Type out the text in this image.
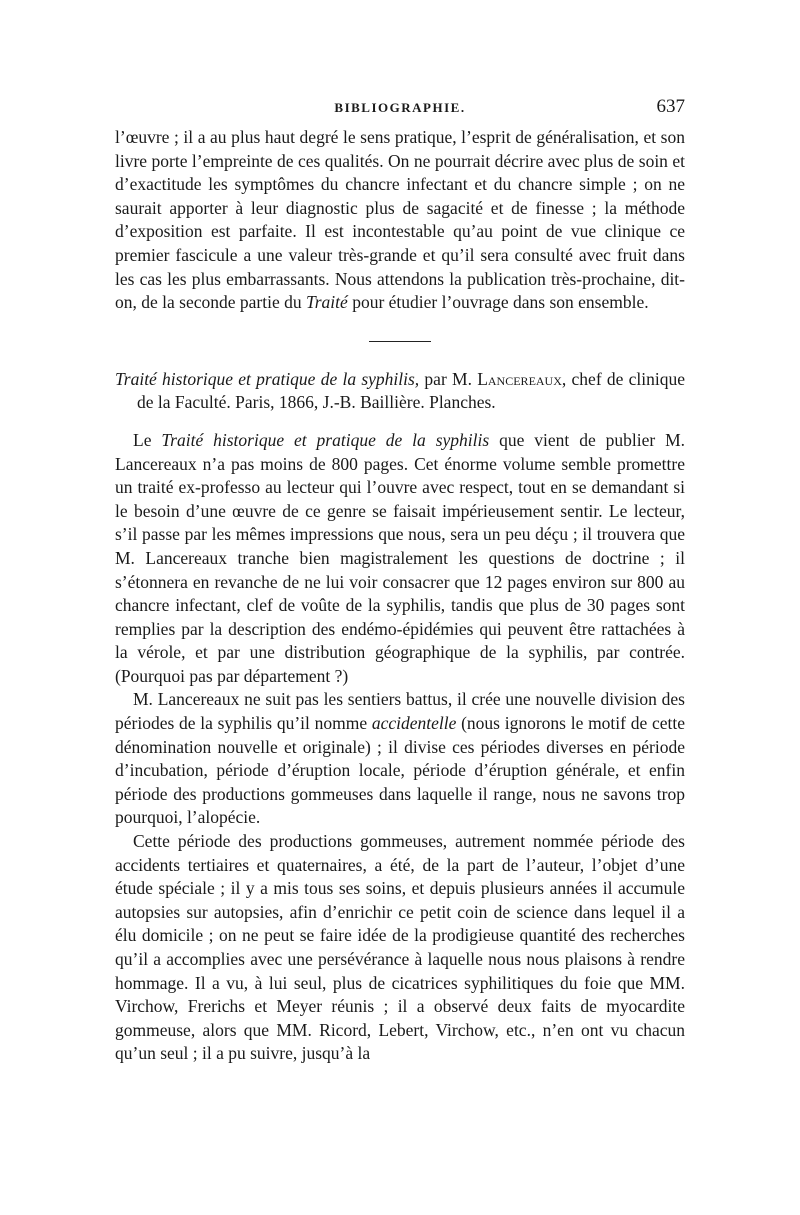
BIBLIOGRAPHIE.	637

l’œuvre ; il a au plus haut degré le sens pratique, l’esprit de généralisation, et son livre porte l’empreinte de ces qualités. On ne pourrait décrire avec plus de soin et d’exactitude les symptômes du chancre infectant et du chancre simple ; on ne saurait apporter à leur diagnostic plus de sagacité et de finesse ; la méthode d’exposition est parfaite. Il est incontestable qu’au point de vue clinique ce premier fascicule a une valeur très-grande et qu’il sera consulté avec fruit dans les cas les plus embarrassants. Nous attendons la publication très-prochaine, dit-on, de la seconde partie du Traité pour étudier l’ouvrage dans son ensemble.

Traité historique et pratique de la syphilis, par M. Lancereaux, chef de clinique de la Faculté. Paris, 1866, J.-B. Baillière. Planches.

Le Traité historique et pratique de la syphilis que vient de publier M. Lancereaux n’a pas moins de 800 pages. Cet énorme volume semble promettre un traité ex-professo au lecteur qui l’ouvre avec respect, tout en se demandant si le besoin d’une œuvre de ce genre se faisait impérieusement sentir. Le lecteur, s’il passe par les mêmes impressions que nous, sera un peu déçu ; il trouvera que M. Lancereaux tranche bien magistralement les questions de doctrine ; il s’étonnera en revanche de ne lui voir consacrer que 12 pages environ sur 800 au chancre infectant, clef de voûte de la syphilis, tandis que plus de 30 pages sont remplies par la description des endémo-épidémies qui peuvent être rattachées à la vérole, et par une distribution géographique de la syphilis, par contrée. (Pourquoi pas par département ?)

M. Lancereaux ne suit pas les sentiers battus, il crée une nouvelle division des périodes de la syphilis qu’il nomme accidentelle (nous ignorons le motif de cette dénomination nouvelle et originale) ; il divise ces périodes diverses en période d’incubation, période d’éruption locale, période d’éruption générale, et enfin période des productions gommeuses dans laquelle il range, nous ne savons trop pourquoi, l’alopécie.

Cette période des productions gommeuses, autrement nommée période des accidents tertiaires et quaternaires, a été, de la part de l’auteur, l’objet d’une étude spéciale ; il y a mis tous ses soins, et depuis plusieurs années il accumule autopsies sur autopsies, afin d’enrichir ce petit coin de science dans lequel il a élu domicile ; on ne peut se faire idée de la prodigieuse quantité des recherches qu’il a accomplies avec une persévérance à laquelle nous nous plaisons à rendre hommage. Il a vu, à lui seul, plus de cicatrices syphilitiques du foie que MM. Virchow, Frerichs et Meyer réunis ; il a observé deux faits de myocardite gommeuse, alors que MM. Ricord, Lebert, Virchow, etc., n’en ont vu chacun qu’un seul ; il a pu suivre, jusqu’à la
